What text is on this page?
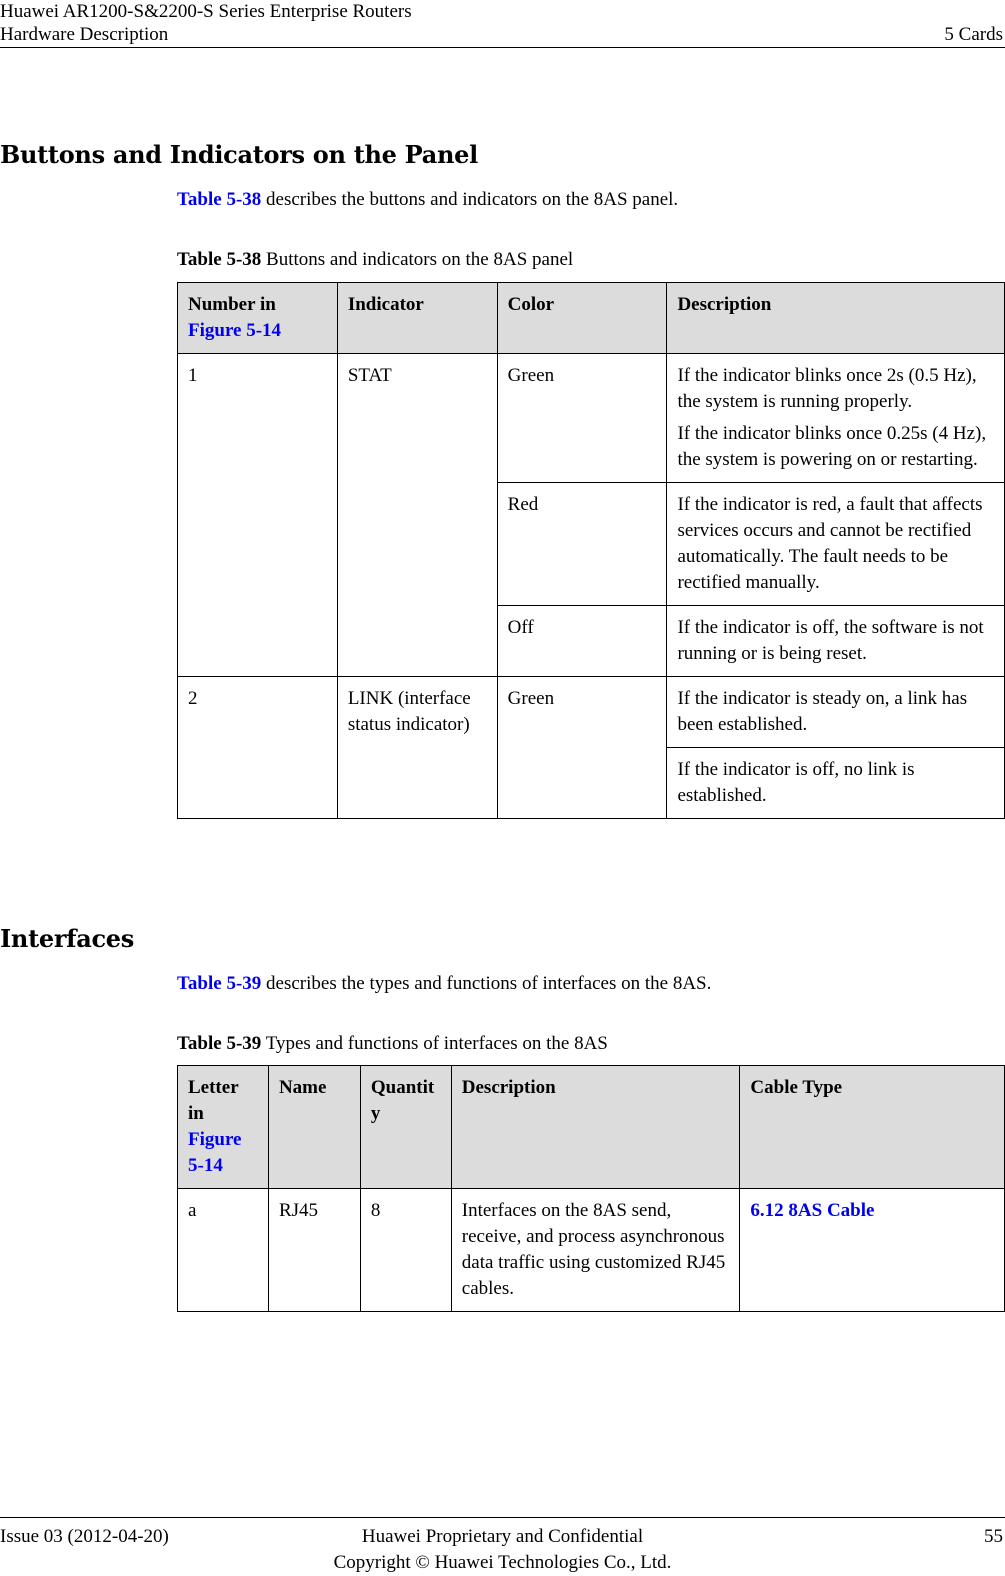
Huawei AR1200-S&2200-S Series Enterprise Routers
Hardware Description	5 Cards
Buttons and Indicators on the Panel
Table 5-38 describes the buttons and indicators on the 8AS panel.
Table 5-38 Buttons and indicators on the 8AS panel
Number in
Figure 5-14	Indicator	Color	Description
1	STAT	Green	If the indicator blinks once 2s (0.5 Hz), the system is running properly.

If the indicator blinks once 0.25s (4 Hz), the system is powering on or restarting.

		Red	If the indicator is red, a fault that affects services occurs and cannot be rectified automatically. The fault needs to be rectified manually.
		Off	If the indicator is off, the software is not running or is being reset.
2	LINK (interface status indicator)	Green	If the indicator is steady on, a link has been established.
			If the indicator is off, no link is established.
Interfaces
Table 5-39 describes the types and functions of interfaces on the 8AS.
Table 5-39 Types and functions of interfaces on the 8AS
Letter in Figure 5-14	Name	Quantity	Description	Cable Type
a	RJ45	8	Interfaces on the 8AS send, receive, and process asynchronous data traffic using customized RJ45 cables.	6.12 8AS Cable
Issue 03 (2012-04-20)	Huawei Proprietary and Confidential
Copyright © Huawei Technologies Co., Ltd.
55
